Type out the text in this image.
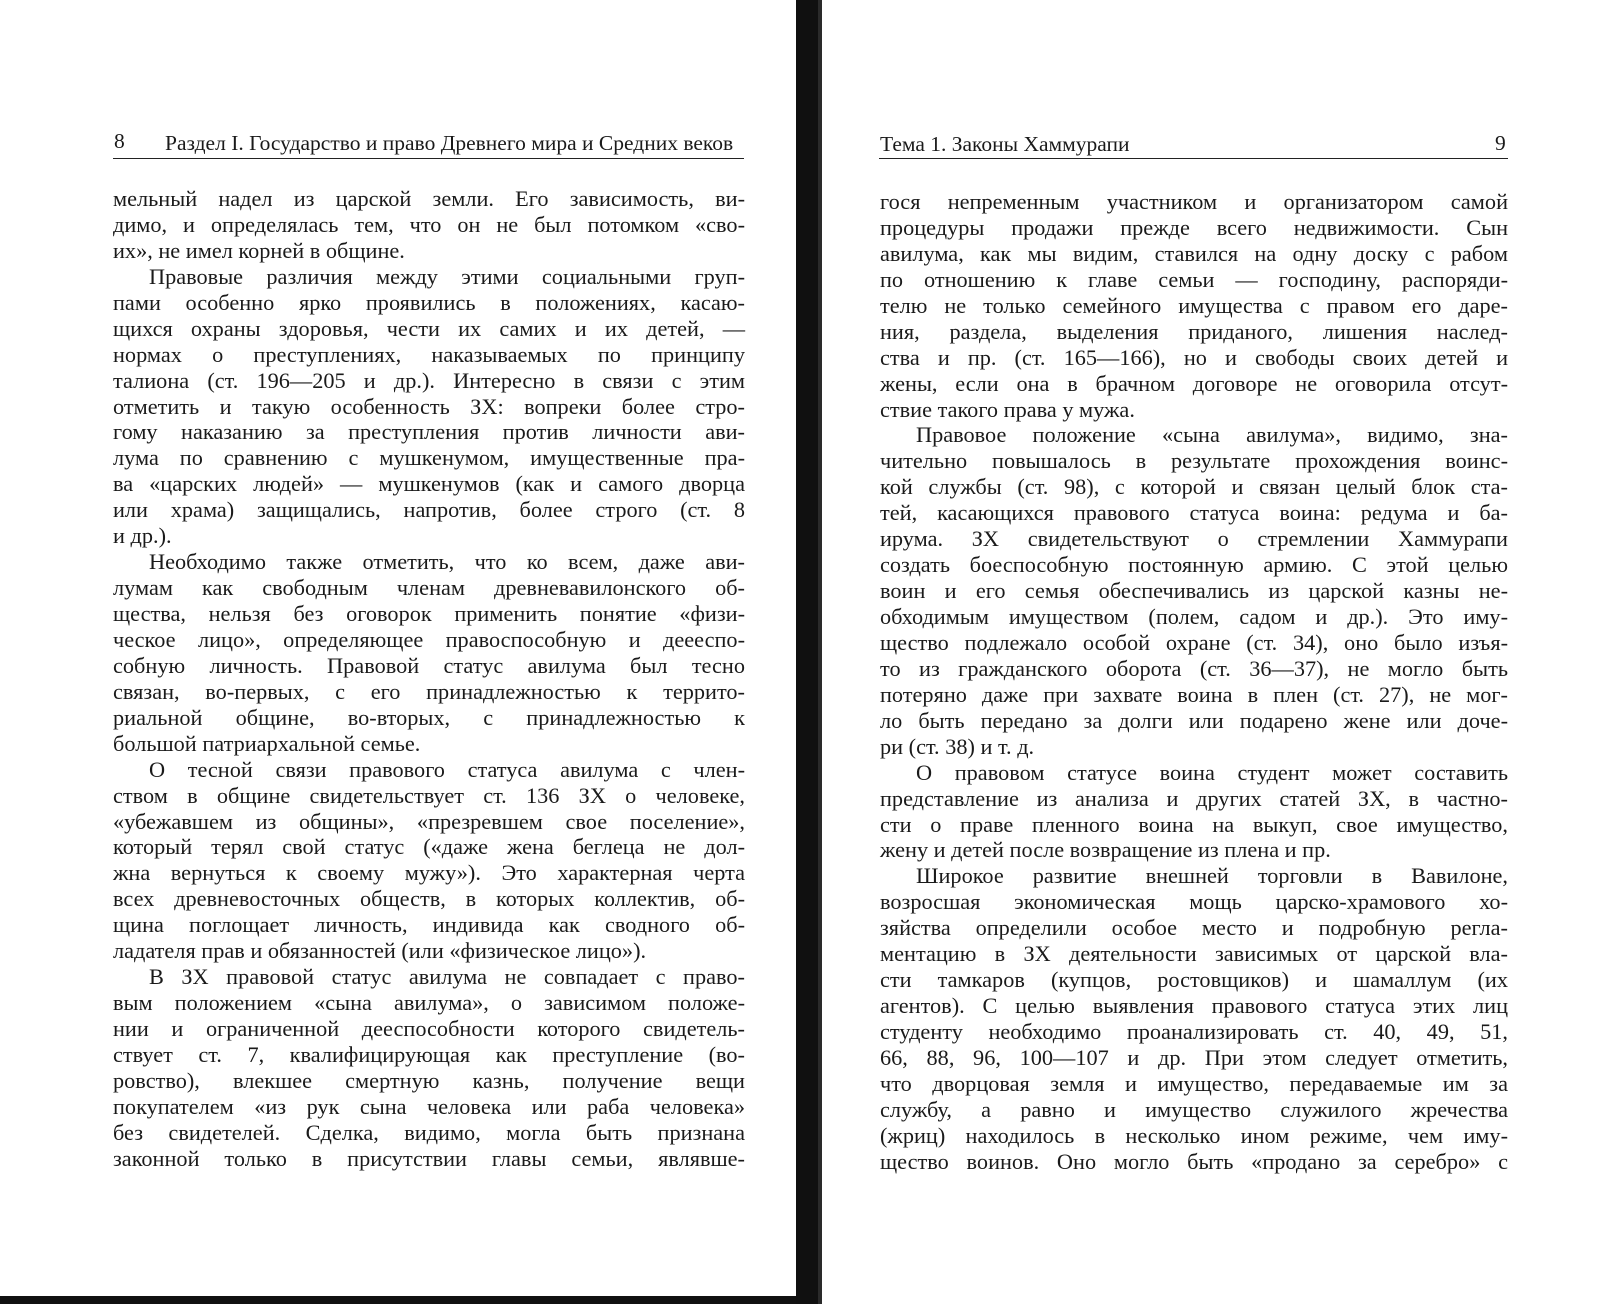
8 Раздел I. Государство и право Древнего мира и Средних веков
мельный надел из царской земли. Его зависимость, ви-
димо, и определялась тем, что он не был потомком «сво-
их», не имел корней в общине.
Правовые различия между этими социальными груп-
пами особенно ярко проявились в положениях, касаю-
щихся охраны здоровья, чести их самих и их детей, —
нормах о преступлениях, наказываемых по принципу
талиона (ст. 196—205 и др.). Интересно в связи с этим
отметить и такую особенность ЗХ: вопреки более стро-
гому наказанию за преступления против личности ави-
лума по сравнению с мушкенумом, имущественные пра-
ва «царских людей» — мушкенумов (как и самого дворца
или храма) защищались, напротив, более строго (ст. 8
и др.).
Необходимо также отметить, что ко всем, даже ави-
лумам как свободным членам древневавилонского об-
щества, нельзя без оговорок применить понятие «физи-
ческое лицо», определяющее правоспособную и деееспо-
собную личность. Правовой статус авилума был тесно
связан, во-первых, с его принадлежностью к террито-
риальной общине, во-вторых, с принадлежностью к
большой патриархальной семье.
О тесной связи правового статуса авилума с член-
ством в общине свидетельствует ст. 136 ЗХ о человеке,
«убежавшем из общины», «презревшем свое поселение»,
который терял свой статус («даже жена беглеца не дол-
жна вернуться к своему мужу»). Это характерная черта
всех древневосточных обществ, в которых коллектив, об-
щина поглощает личность, индивида как сводного об-
ладателя прав и обязанностей (или «физическое лицо»).
В ЗХ правовой статус авилума не совпадает с право-
вым положением «сына авилума», о зависимом положе-
нии и ограниченной дееспособности которого свидетель-
ствует ст. 7, квалифицирующая как преступление (во-
ровство), влекшее смертную казнь, получение вещи
покупателем «из рук сына человека или раба человека»
без свидетелей. Сделка, видимо, могла быть признана
законной только в присутствии главы семьи, являвше-
Тема 1. Законы Хаммурапи	9
гося непременным участником и организатором самой
процедуры продажи прежде всего недвижимости. Сын
авилума, как мы видим, ставился на одну доску с рабом
по отношению к главе семьи — господину, распоряди-
телю не только семейного имущества с правом его даре-
ния, раздела, выделения приданого, лишения наслед-
ства и пр. (ст. 165—166), но и свободы своих детей и
жены, если она в брачном договоре не оговорила отсут-
ствие такого права у мужа.
Правовое положение «сына авилума», видимо, зна-
чительно повышалось в результате прохождения воинс-
кой службы (ст. 98), с которой и связан целый блок ста-
тей, касающихся правового статуса воина: редума и ба-
ирума. ЗХ свидетельствуют о стремлении Хаммурапи
создать боеспособную постоянную армию. С этой целью
воин и его семья обеспечивались из царской казны не-
обходимым имуществом (полем, садом и др.). Это иму-
щество подлежало особой охране (ст. 34), оно было изъя-
то из гражданского оборота (ст. 36—37), не могло быть
потеряно даже при захвате воина в плен (ст. 27), не мог-
ло быть передано за долги или подарено жене или доче-
ри (ст. 38) и т. д.
О правовом статусе воина студент может составить
представление из анализа и других статей ЗХ, в частно-
сти о праве пленного воина на выкуп, свое имущество,
жену и детей после возвращение из плена и пр.
Широкое развитие внешней торговли в Вавилоне,
возросшая экономическая мощь царско-храмового хо-
зяйства определили особое место и подробную регла-
ментацию в ЗХ деятельности зависимых от царской вла-
сти тамкаров (купцов, ростовщиков) и шамаллум (их
агентов). С целью выявления правового статуса этих лиц
студенту необходимо проанализировать ст. 40, 49, 51,
66, 88, 96, 100—107 и др. При этом следует отметить,
что дворцовая земля и имущество, передаваемые им за
службу, а равно и имущество служилого жречества
(жриц) находилось в несколько ином режиме, чем иму-
щество воинов. Оно могло быть «продано за серебро» с
